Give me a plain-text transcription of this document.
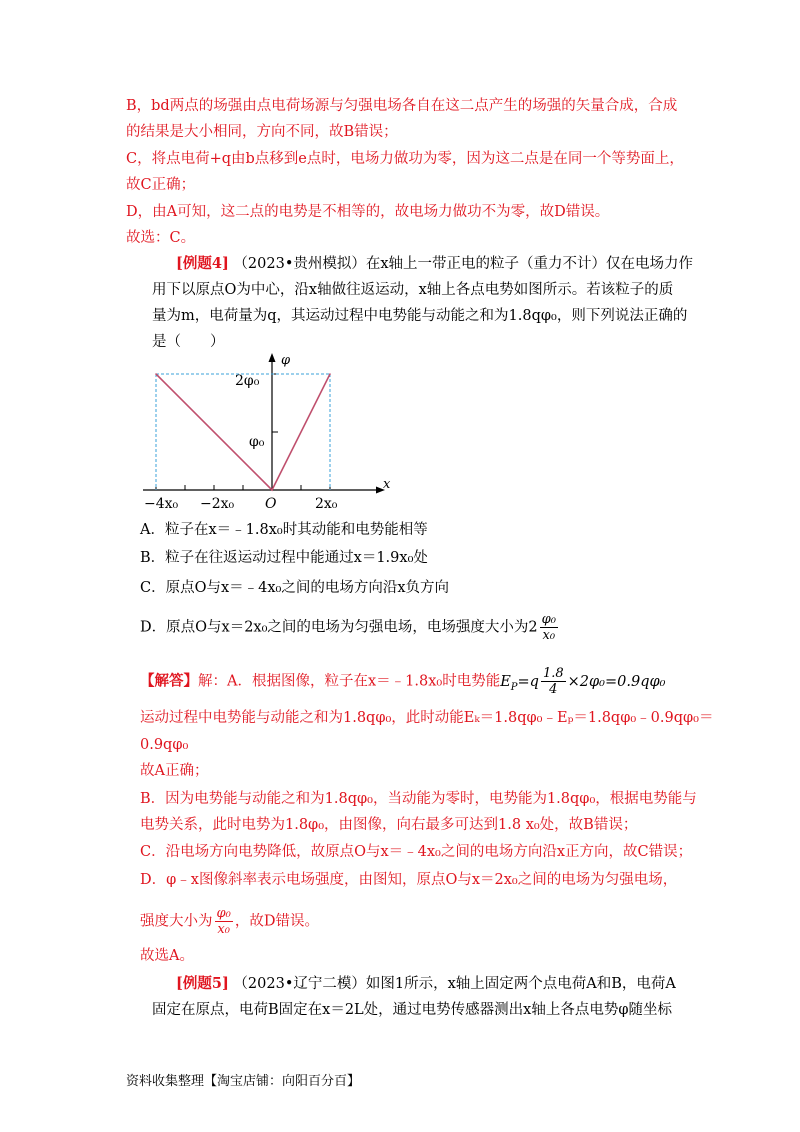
B，bd两点的场强由点电荷场源与匀强电场各自在这二点产生的场强的矢量合成，合成
的结果是大小相同，方向不同，故B错误；
C，将点电荷+q由b点移到e点时，电场力做功为零，因为这二点是在同一个等势面上，
故C正确；
D，由A可知，这二点的电势是不相等的，故电场力做功不为零，故D错误。
故选：C。
[例题4] （2023•贵州模拟）在x轴上一带正电的粒子（重力不计）仅在电场力作
用下以原点O为中心，沿x轴做往返运动，x轴上各点电势如图所示。若该粒子的质
量为m，电荷量为q，其运动过程中电势能与动能之和为1.8qφ₀，则下列说法正确的
是（　　）
φ
2φ₀
φ₀
x
−4x₀ −2x₀ O	2x₀
A．粒子在x＝﹣1.8x₀时其动能和电势能相等
B．粒子在往返运动过程中能通过x＝1.9x₀处
C．原点O与x＝﹣4x₀之间的电场方向沿x负方向
D．原点O与x＝2x₀之间的电场为匀强电场，电场强度大小为$2 \frac{\text{φ₀}}{\text{x₀}}$
【解答】解：A．根据图像，粒子在x＝﹣1.8x₀时电势能$E_P=q \frac{1.8}{4} \times 2\varphi_0=0.9q\varphi_0$
运动过程中电势能与动能之和为1.8qφ₀，此时动能Eₖ＝1.8qφ₀﹣Eₚ＝1.8qφ₀﹣0.9qφ₀＝
0.9qφ₀
故A正确；
B．因为电势能与动能之和为1.8qφ₀，当动能为零时，电势能为1.8qφ₀，根据电势能与
电势关系，此时电势为1.8φ₀，由图像，向右最多可达到1.8 x₀处，故B错误；
C．沿电场方向电势降低，故原点O与x＝﹣4x₀之间的电场方向沿x正方向，故C错误；
D．φ﹣x图像斜率表示电场强度，由图知，原点O与x＝2x₀之间的电场为匀强电场，
强度大小为 $\frac{\text{φ₀}}{\text{x₀}}$ ，故D错误。
故选A。
[例题5] （2023•辽宁二模）如图1所示，x轴上固定两个点电荷A和B，电荷A
固定在原点，电荷B固定在x＝2L处，通过电势传感器测出x轴上各点电势φ随坐标
资料收集整理【淘宝店铺：向阳百分百】
